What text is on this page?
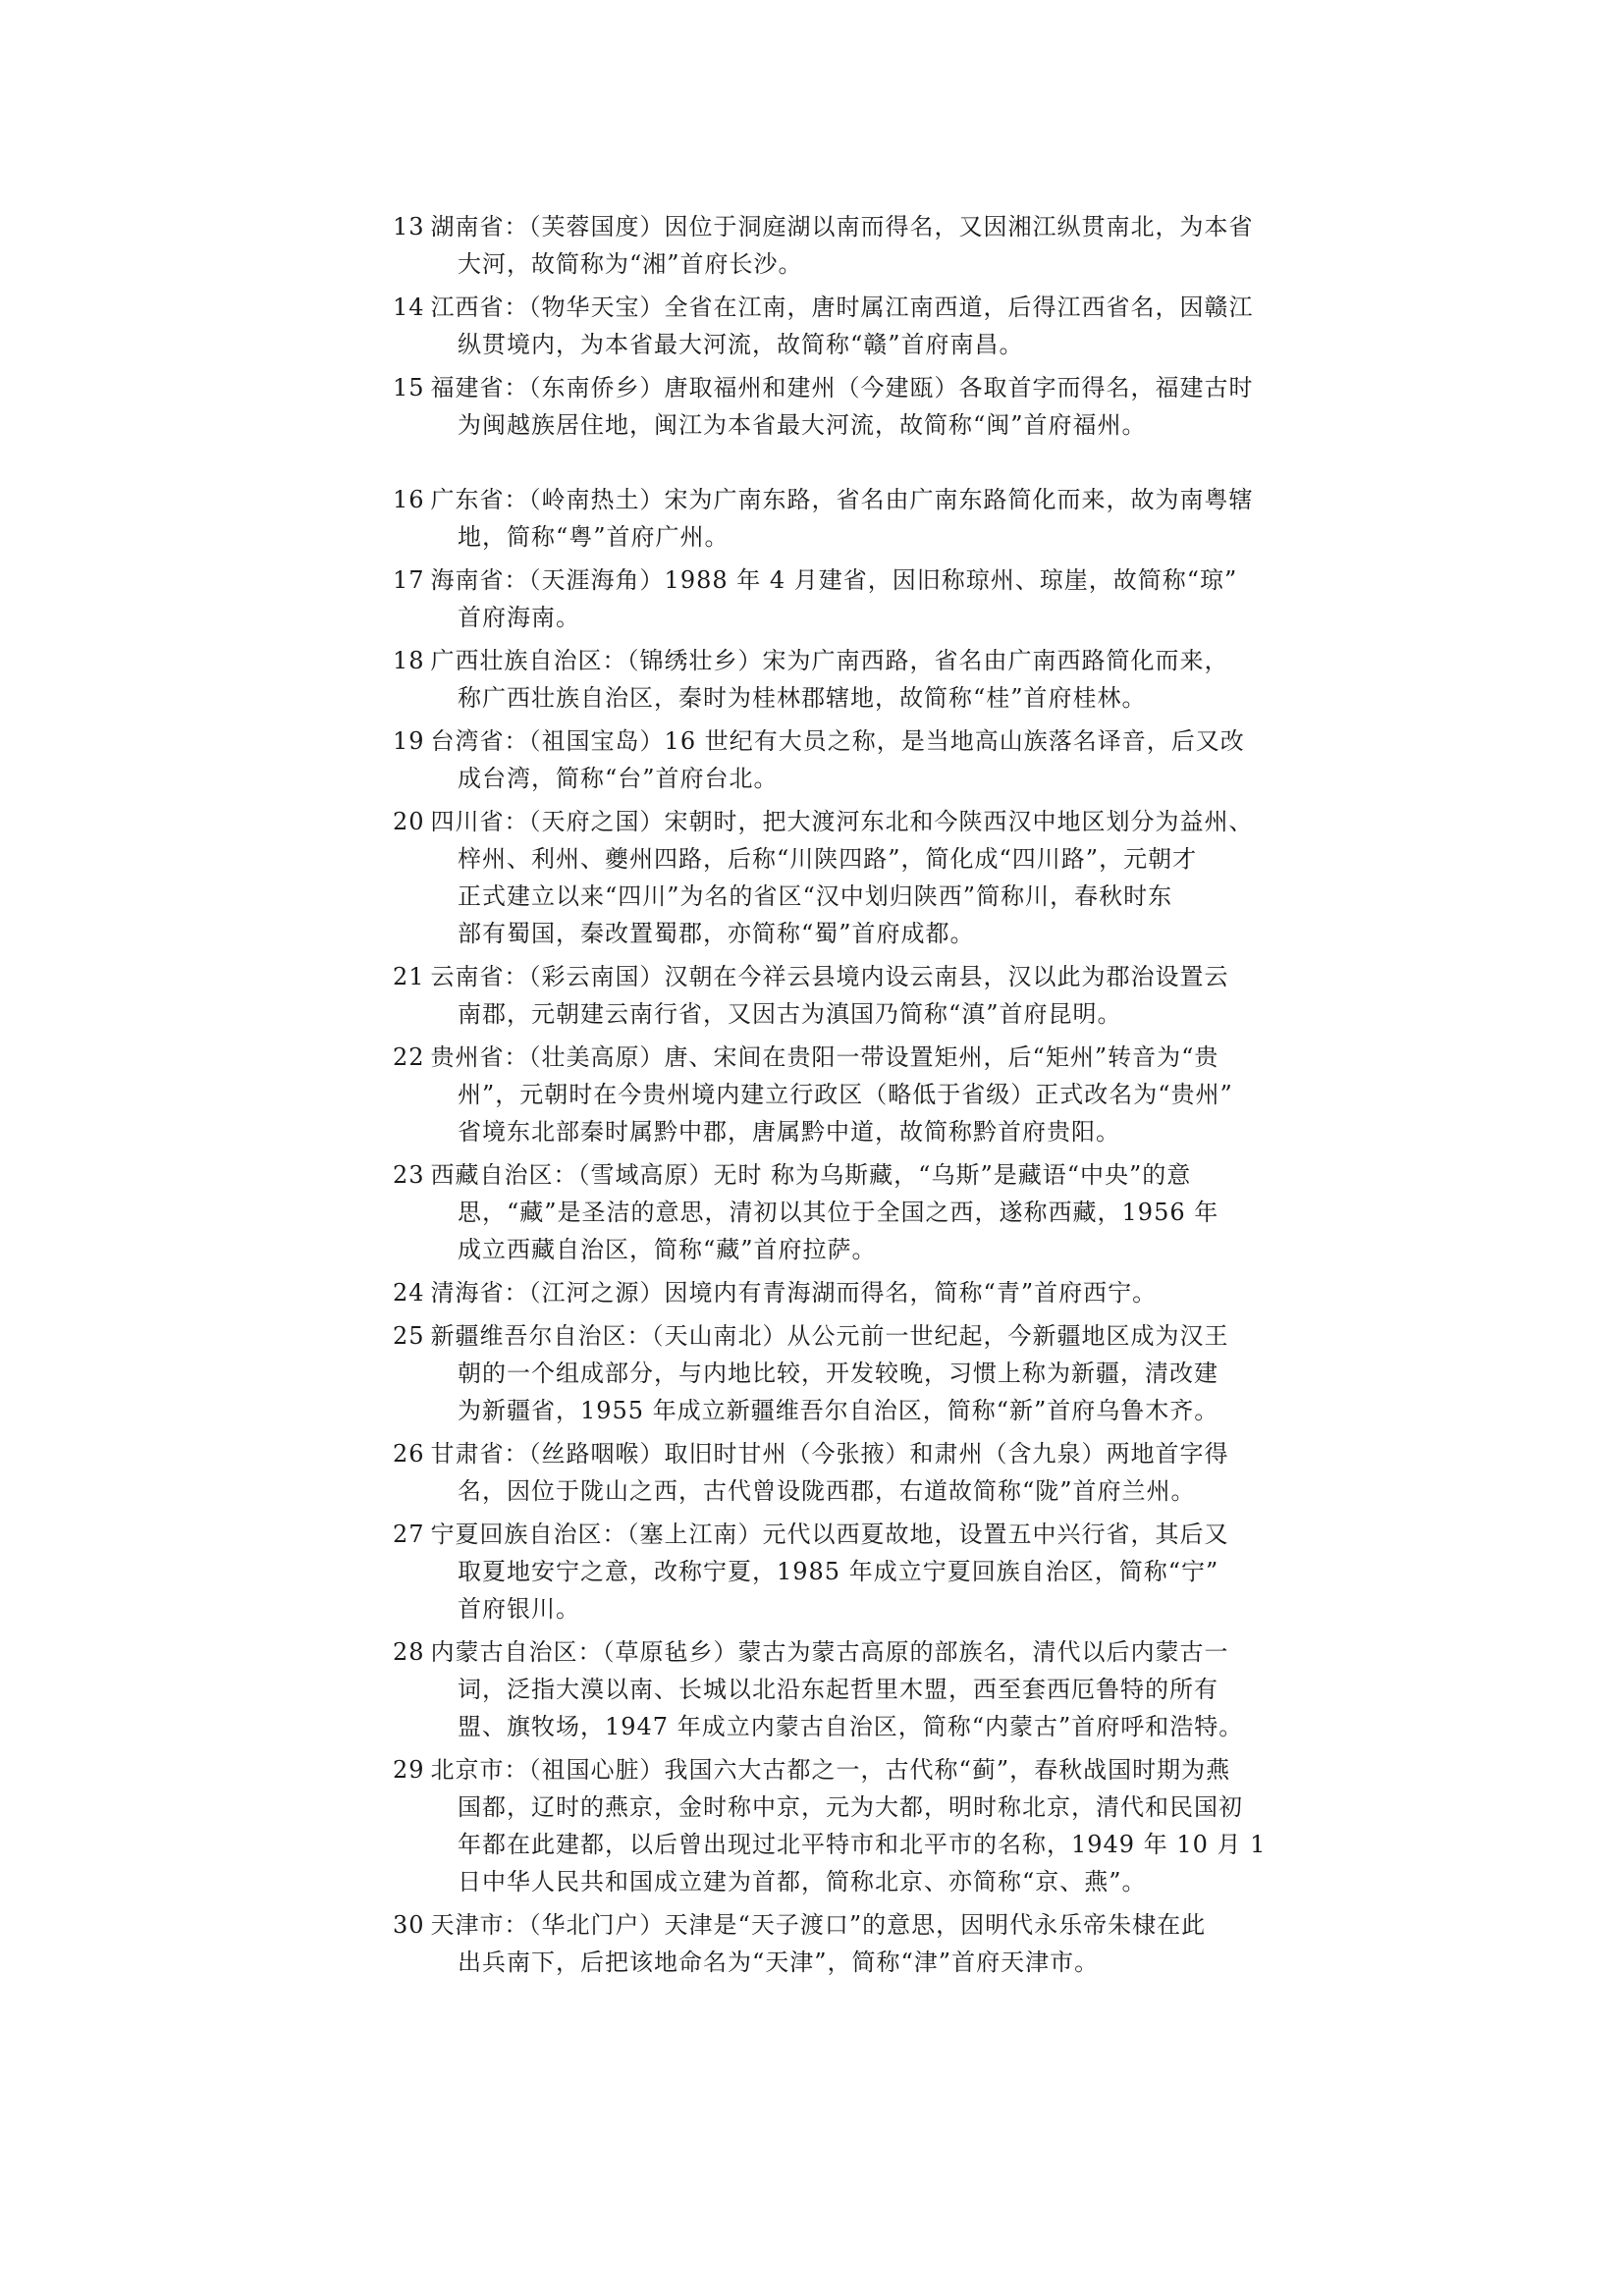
13 湖南省：（芙蓉国度）因位于洞庭湖以南而得名，又因湘江纵贯南北，为本省
大河，故简称为“湘”首府长沙。
14 江西省：（物华天宝）全省在江南，唐时属江南西道，后得江西省名，因赣江
纵贯境内，为本省最大河流，故简称“赣”首府南昌。
15 福建省：（东南侨乡）唐取福州和建州（今建瓯）各取首字而得名，福建古时
为闽越族居住地，闽江为本省最大河流，故简称“闽”首府福州。
16 广东省：（岭南热土）宋为广南东路，省名由广南东路简化而来，故为南粤辖
地，简称“粤”首府广州。
17 海南省：（天涯海角）1988 年 4 月建省，因旧称琼州、琼崖，故简称“琼”
首府海南。
18 广西壮族自治区：（锦绣壮乡）宋为广南西路，省名由广南西路简化而来，
称广西壮族自治区，秦时为桂林郡辖地，故简称“桂”首府桂林。
19 台湾省：（祖国宝岛）16 世纪有大员之称，是当地高山族落名译音，后又改
成台湾，简称“台”首府台北。
20 四川省：（天府之国）宋朝时，把大渡河东北和今陕西汉中地区划分为益州、
梓州、利州、夔州四路，后称“川陕四路”，简化成“四川路”，元朝才
正式建立以来“四川”为名的省区“汉中划归陕西”简称川，春秋时东
部有蜀国，秦改置蜀郡，亦简称“蜀”首府成都。
21 云南省：（彩云南国）汉朝在今祥云县境内设云南县，汉以此为郡治设置云
南郡，元朝建云南行省，又因古为滇国乃简称“滇”首府昆明。
22 贵州省：（壮美高原）唐、宋间在贵阳一带设置矩州，后“矩州”转音为“贵
州”，元朝时在今贵州境内建立行政区（略低于省级）正式改名为“贵州”
省境东北部秦时属黔中郡，唐属黔中道，故简称黔首府贵阳。
23 西藏自治区：（雪域高原）无时 称为乌斯藏，“乌斯”是藏语“中央”的意
思，“藏”是圣洁的意思，清初以其位于全国之西，遂称西藏，1956 年
成立西藏自治区，简称“藏”首府拉萨。
24 清海省：（江河之源）因境内有青海湖而得名，简称“青”首府西宁。
25 新疆维吾尔自治区：（天山南北）从公元前一世纪起，今新疆地区成为汉王
朝的一个组成部分，与内地比较，开发较晚，习惯上称为新疆，清改建
为新疆省，1955 年成立新疆维吾尔自治区，简称“新”首府乌鲁木齐。
26 甘肃省：（丝路咽喉）取旧时甘州（今张掖）和肃州（含九泉）两地首字得
名，因位于陇山之西，古代曾设陇西郡，右道故简称“陇”首府兰州。
27 宁夏回族自治区：（塞上江南）元代以西夏故地，设置五中兴行省，其后又
取夏地安宁之意，改称宁夏，1985 年成立宁夏回族自治区，简称“宁”
首府银川。
28 内蒙古自治区：（草原毡乡）蒙古为蒙古高原的部族名，清代以后内蒙古一
词，泛指大漠以南、长城以北沿东起哲里木盟，西至套西厄鲁特的所有
盟、旗牧场，1947 年成立内蒙古自治区，简称“内蒙古”首府呼和浩特。
29 北京市：（祖国心脏）我国六大古都之一，古代称“蓟”，春秋战国时期为燕
国都，辽时的燕京，金时称中京，元为大都，明时称北京，清代和民国初
年都在此建都，以后曾出现过北平特市和北平市的名称，1949 年 10 月 1
日中华人民共和国成立建为首都，简称北京、亦简称“京、燕”。
30 天津市：（华北门户）天津是“天子渡口”的意思，因明代永乐帝朱棣在此
出兵南下，后把该地命名为“天津”，简称“津”首府天津市。
